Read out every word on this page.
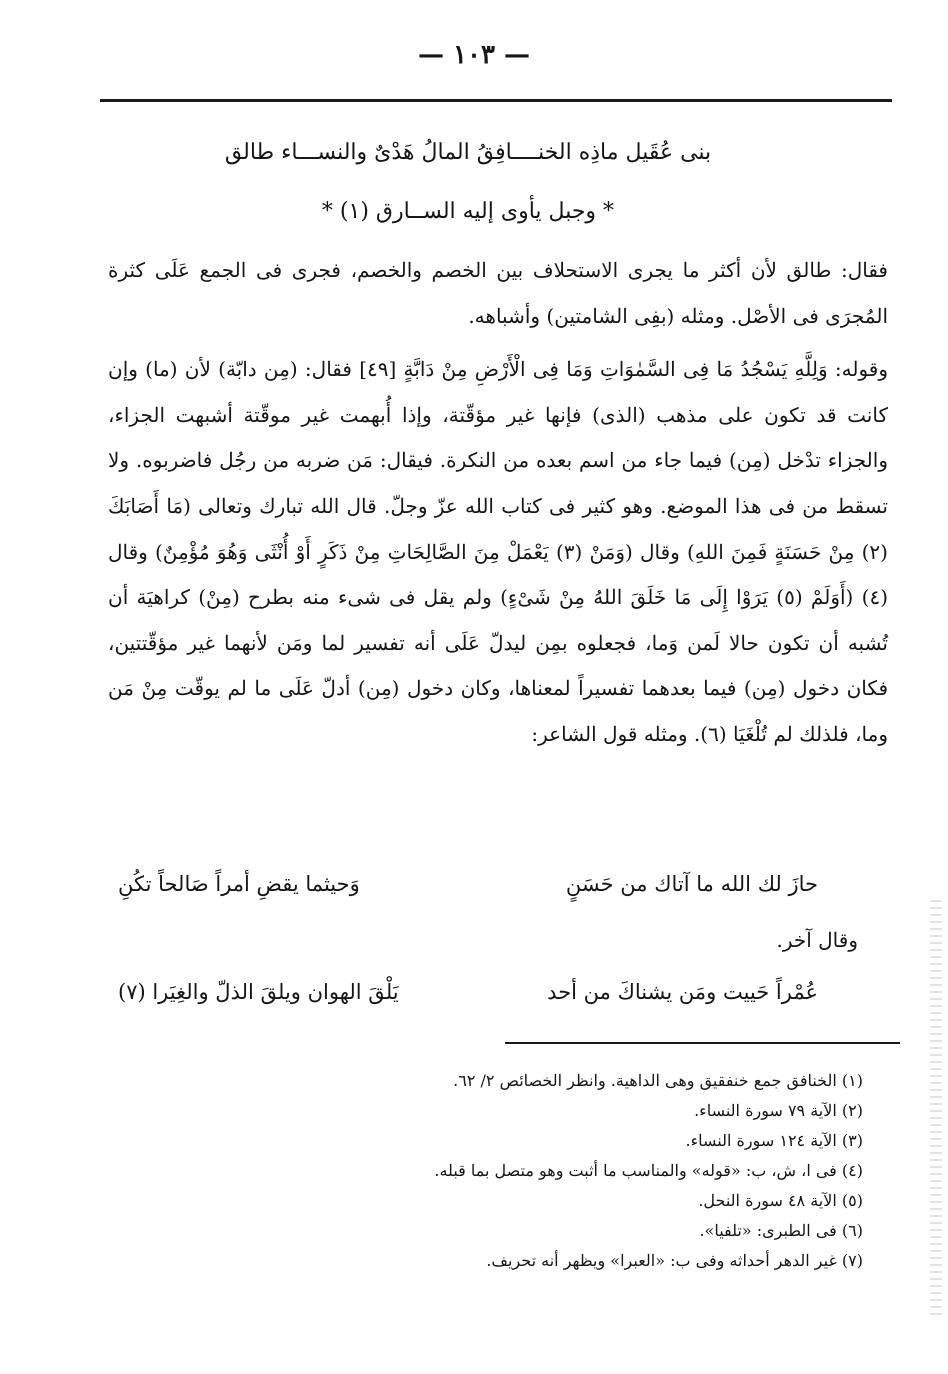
— ١٠٣ —
بنى عُقَيل ماذِه الخنــــافِقُ المالُ هَدْىٌ والنســـاء طالق
* وجبل يأوى إليه الســارق (١) *

فقال: طالق لأن أكثر ما يجرى الاستحلاف بين الخصم والخصم، فجرى فى الجمع عَلَى كثرة المُجرَى فى الأصْل. ومثله (بفِى الشامتين) وأشباهه.

وقوله: وَلِلَّهِ يَسْجُدُ مَا فِى السَّمٰوَاتِ وَمَا فِى الْأَرْضِ مِنْ دَابَّةٍ [٤٩] فقال: (مِن دابّة) لأن (ما) وإن كانت قد تكون على مذهب (الذى) فإنها غير مؤقّتة، وإذا أُبهمت غير موقّتة أشبهت الجزاء، والجزاء تدْخل (مِن) فيما جاء من اسم بعده من النكرة. فيقال: مَن ضربه من رجُل فاضربوه. ولا تسقط من فى هذا الموضع. وهو كثير فى كتاب الله عزّ وجلّ. قال الله تبارك وتعالى (مَا أَصَابَكَ (٢) مِنْ حَسَنَةٍ فَمِنَ اللهِ) وقال (وَمَنْ (٣) يَعْمَلْ مِنَ الصَّالِحَاتِ مِنْ ذَكَرٍ أَوْ أُنْثَى وَهُوَ مُؤْمِنٌ) وقال (٤) (أَوَلَمْ (٥) يَرَوْا إِلَى مَا خَلَقَ اللهُ مِنْ شَىْءٍ) ولم يقل فى شىء منه بطرح (مِنْ) كراهيَة أن تُشبه أن تكون حالا لَمن وَما، فجعلوه بمِن ليدلّ عَلَى أنه تفسير لما ومَن لأنهما غير مؤقّتتين، فكان دخول (مِن) فيما بعدهما تفسيراً لمعناها، وكان دخول (مِن) أدلّ عَلَى ما لم يوقّت مِنْ مَن وما، فلذلك لم تُلْغَيَا (٦). ومثله قول الشاعر:

حازَ لك الله ما آتاك من حَسَنٍ
وَحيثما يقضِ أمراً صَالحاً تكُنِ
وقال آخر.
عُمْراً حَييت ومَن يشناكَ من أحد
يَلْقَ الهوان ويلقَ الذلّ والغِيَرا (٧)
(١) الخنافق جمع خنفقيق وهى الداهية. وانظر الخصائص ٢/ ٦٢.
(٢) الآية ٧٩ سورة النساء.
(٣) الآية ١٢٤ سورة النساء.
(٤) فى ا، ش، ب: «قوله» والمناسب ما أثبت وهو متصل بما قبله.
(٥) الآية ٤٨ سورة النحل.
(٦) فى الطبرى: «تلفيا».
(٧) غير الدهر أحداثه وفى ب: «العبرا» ويظهر أنه تحريف.
